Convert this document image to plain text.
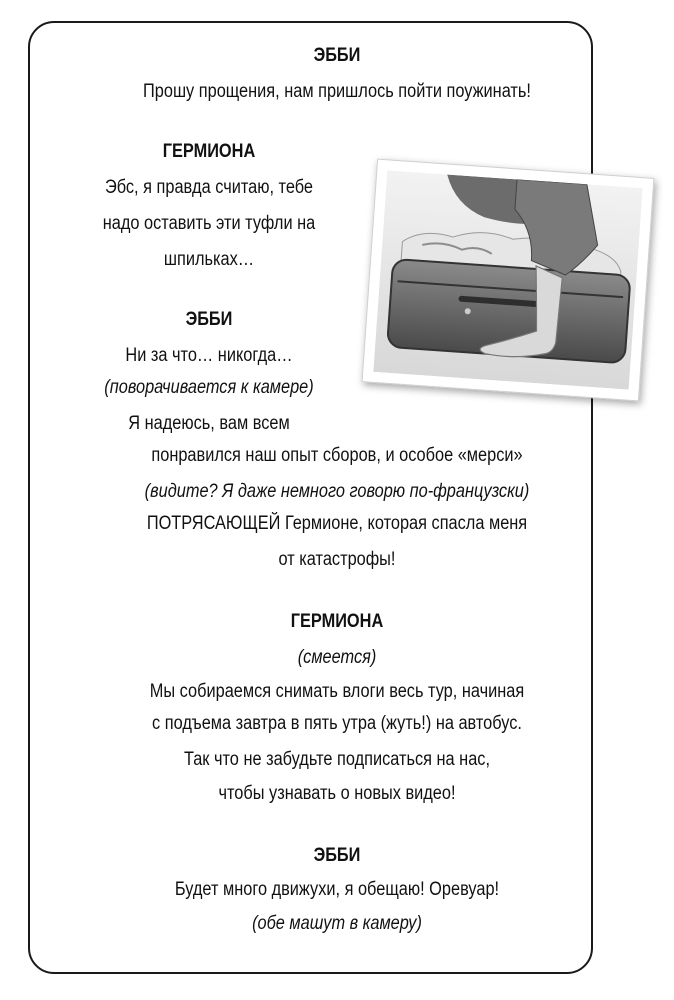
ЭББИ
Прошу прощения, нам пришлось пойти поужинать!
ГЕРМИОНА
Эбс, я правда считаю, тебе
надо оставить эти туфли на
шпильках…
ЭББИ
Ни за что… никогда…
(поворачивается к камере)
Я надеюсь, вам всем
понравился наш опыт сборов, и особое «мерси»
(видите? Я даже немного говорю по-французски)
ПОТРЯСАЮЩЕЙ Гермионе, которая спасла меня
от катастрофы!
ГЕРМИОНА
(смеется)
Мы собираемся снимать влоги весь тур, начиная
с подъема завтра в пять утра (жуть!) на автобус.
Так что не забудьте подписаться на нас,
чтобы узнавать о новых видео!
ЭББИ
Будет много движухи, я обещаю! Оревуар!
(обе машут в камеру)
